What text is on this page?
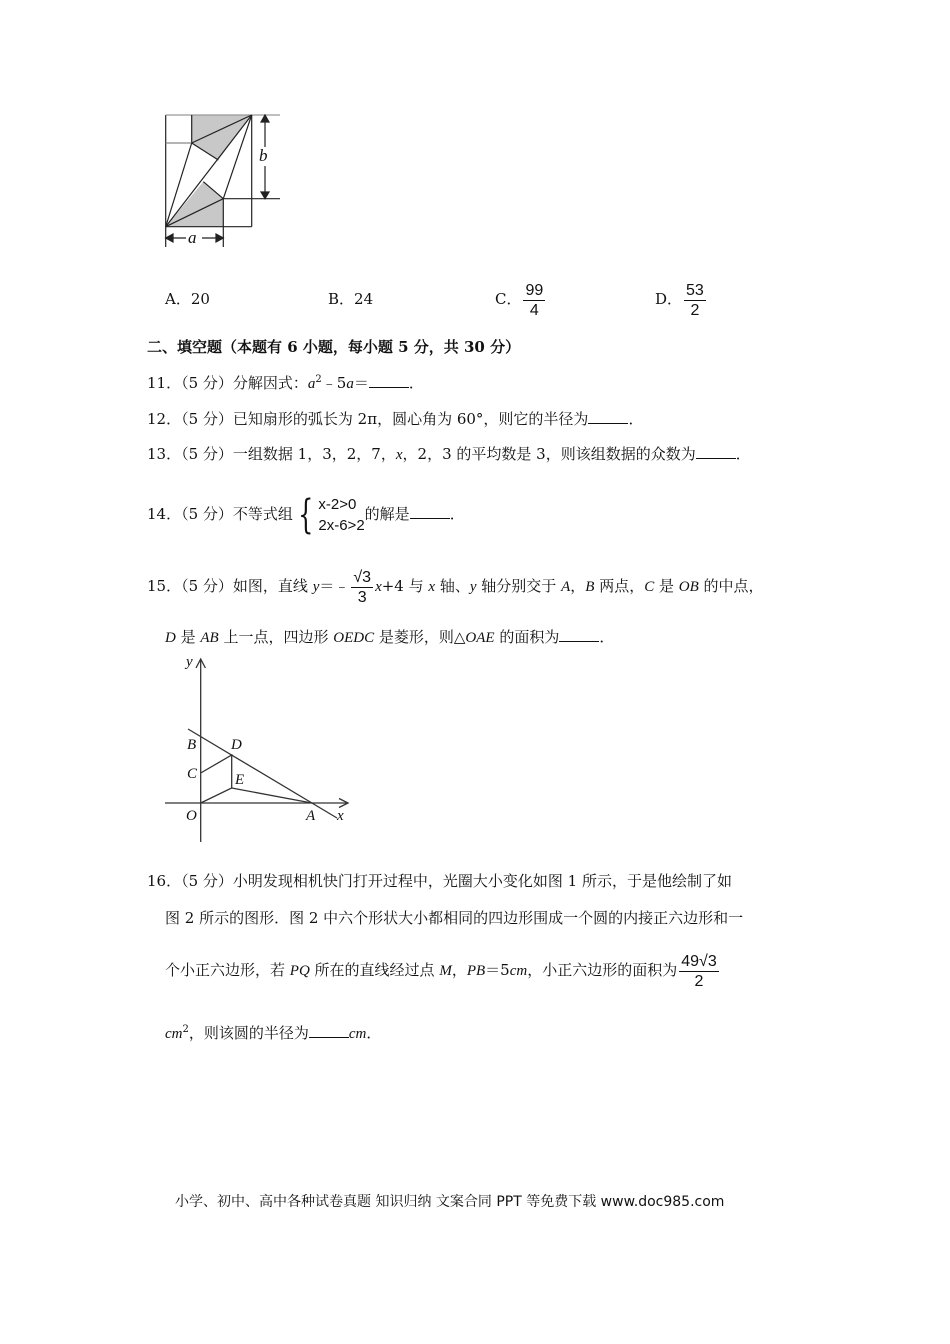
b
a
A．20	B．24	C． $\frac{99}{4}$	D． $\frac{53}{2}$
二、填空题（本题有 6 小题，每小题 5 分，共 30 分）
11．（5 分）分解因式：$a^2﹣5a=$	．
12．（5 分）已知扇形的弧长为 2π，圆心角为 60°，则它的半径为	．
13．（5 分）一组数据 1，3，2，7，x，2，3 的平均数是 3，则该组数据的众数为	．
14．（5 分）不等式组 { x-2>0
2x-6>2
的解是	．
15．（5 分）如图，直线 y＝﹣ $\frac{√3}{3} x+4$ 与 x 轴、y 轴分别交于 A，B 两点，C 是 OB 的中点，
D 是 AB 上一点，四边形 OEDC 是菱形，则△OAE 的面积为	．
y
B D
C	E
O	A x
16．（5 分）小明发现相机快门打开过程中，光圈大小变化如图 1 所示，于是他绘制了如
图 2 所示的图形．图 2 中六个形状大小都相同的四边形围成一个圆的内接正六边形和一
个小正六边形，若 PQ 所在的直线经过点 M，PB＝5cm，小正六边形的面积为 $\frac{49√3}{2}$
$cm^2$，则该圆的半径为	cm．
小学、初中、高中各种试卷真题 知识归纳 文案合同 PPT 等免费下载 www.doc985.com
